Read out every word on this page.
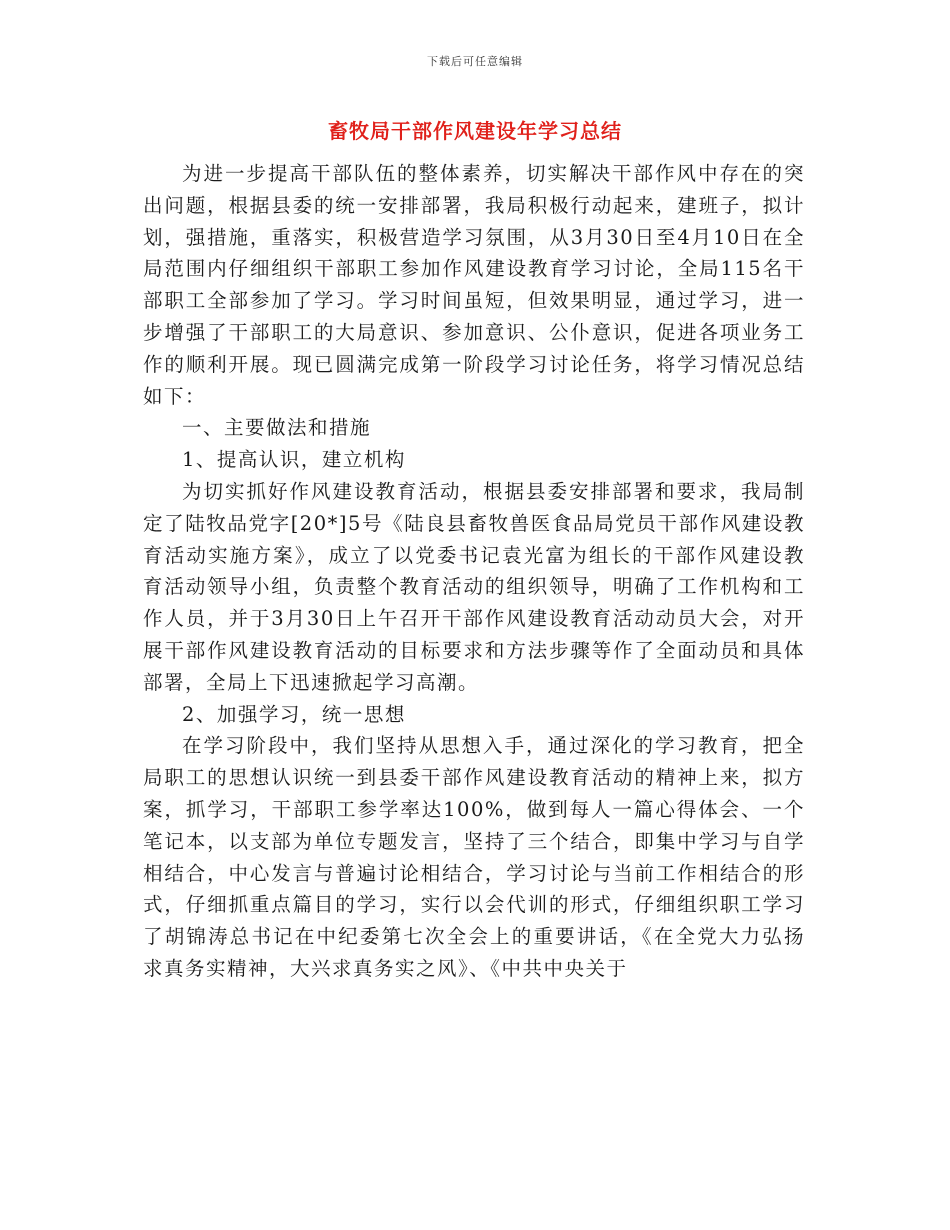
下载后可任意编辑
畜牧局干部作风建设年学习总结

为进一步提高干部队伍的整体素养，切实解决干部作风中存在的突出问题，根据县委的统一安排部署，我局积极行动起来，建班子，拟计划，强措施，重落实，积极营造学习氛围，从3月30日至4月10日在全局范围内仔细组织干部职工参加作风建设教育学习讨论，全局115名干部职工全部参加了学习。学习时间虽短，但效果明显，通过学习，进一步增强了干部职工的大局意识、参加意识、公仆意识，促进各项业务工作的顺利开展。现已圆满完成第一阶段学习讨论任务，将学习情况总结如下：

一、主要做法和措施

1、提高认识，建立机构

为切实抓好作风建设教育活动，根据县委安排部署和要求，我局制定了陆牧品党字[20*]5号《陆良县畜牧兽医食品局党员干部作风建设教育活动实施方案》，成立了以党委书记袁光富为组长的干部作风建设教育活动领导小组，负责整个教育活动的组织领导，明确了工作机构和工作人员，并于3月30日上午召开干部作风建设教育活动动员大会，对开展干部作风建设教育活动的目标要求和方法步骤等作了全面动员和具体部署，全局上下迅速掀起学习高潮。

2、加强学习，统一思想

在学习阶段中，我们坚持从思想入手，通过深化的学习教育，把全局职工的思想认识统一到县委干部作风建设教育活动的精神上来，拟方案，抓学习，干部职工参学率达100%，做到每人一篇心得体会、一个笔记本，以支部为单位专题发言，坚持了三个结合，即集中学习与自学相结合，中心发言与普遍讨论相结合，学习讨论与当前工作相结合的形式，仔细抓重点篇目的学习，实行以会代训的形式，仔细组织职工学习了胡锦涛总书记在中纪委第七次全会上的重要讲话，《在全党大力弘扬求真务实精神，大兴求真务实之风》、《中共中央关于
